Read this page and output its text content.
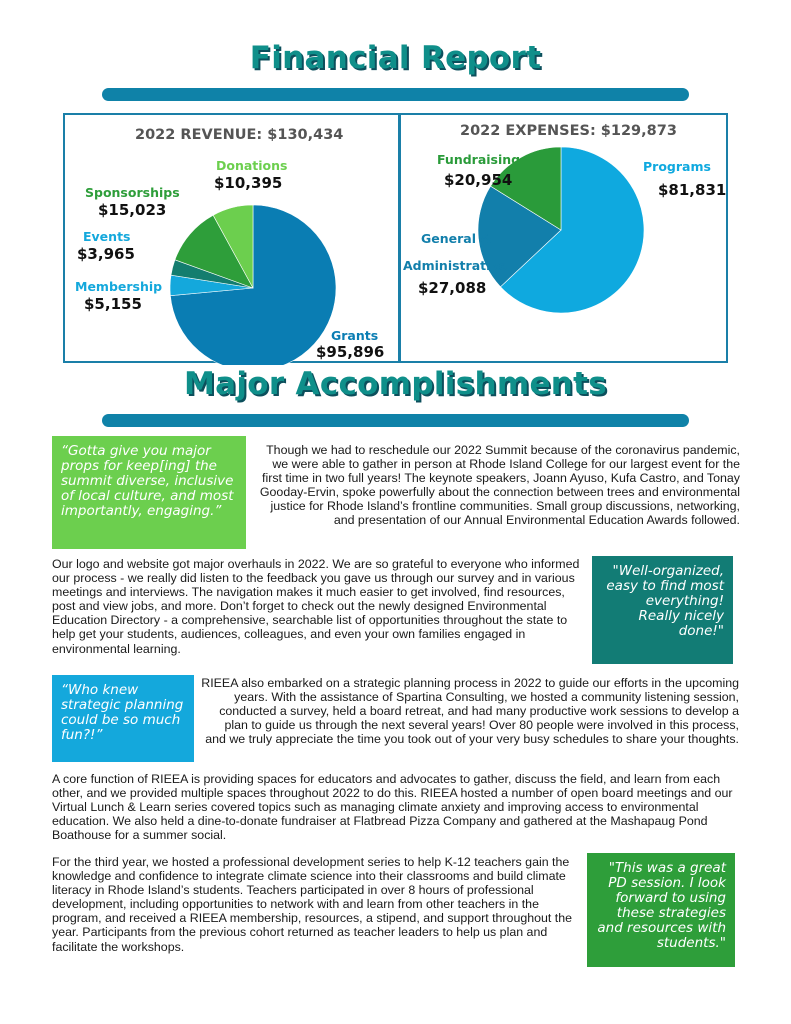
Financial Report
2022 REVENUE: $130,434
Donations
$10,395
Sponsorships
$15,023
Events
$3,965
Membership
$5,155
Grants
$95,896
2022 EXPENSES: $129,873
Fundraising
$20,954
Programs
$81,831
General &
Administrative
$27,088
Major Accomplishments
“Gotta give you major props for keep[ing] the summit diverse, inclusive of local culture, and most importantly, engaging.”
"Well-organized, easy to find most everything! Really nicely done!"
“Who knew strategic planning could be so much fun?!”
"This was a great PD session. I look forward to using these strategies and resources with students."

Though we had to reschedule our 2022 Summit because of the coronavirus pandemic, we were able to gather in person at Rhode Island College for our largest event for the first time in two full years! The keynote speakers, Joann Ayuso, Kufa Castro, and Tonay Gooday-Ervin, spoke powerfully about the connection between trees and environmental justice for Rhode Island’s frontline communities. Small group discussions, networking, and presentation of our Annual Environmental Education Awards followed.

Our logo and website got major overhauls in 2022. We are so grateful to everyone who informed our process - we really did listen to the feedback you gave us through our survey and in various meetings and interviews. The navigation makes it much easier to get involved, find resources, post and view jobs, and more. Don’t forget to check out the newly designed Environmental Education Directory - a comprehensive, searchable list of opportunities throughout the state to help get your students, audiences, colleagues, and even your own families engaged in environmental learning.

RIEEA also embarked on a strategic planning process in 2022 to guide our efforts in the upcoming years. With the assistance of Spartina Consulting, we hosted a community listening session, conducted a survey, held a board retreat, and had many productive work sessions to develop a plan to guide us through the next several years! Over 80 people were involved in this process, and we truly appreciate the time you took out of your very busy schedules to share your thoughts.

A core function of RIEEA is providing spaces for educators and advocates to gather, discuss the field, and learn from each other, and we provided multiple spaces throughout 2022 to do this. RIEEA hosted a number of open board meetings and our Virtual Lunch & Learn series covered topics such as managing climate anxiety and improving access to environmental education. We also held a dine-to-donate fundraiser at Flatbread Pizza Company and gathered at the Mashapaug Pond Boathouse for a summer social.

For the third year, we hosted a professional development series to help K-12 teachers gain the knowledge and confidence to integrate climate science into their classrooms and build climate literacy in Rhode Island’s students. Teachers participated in over 8 hours of professional development, including opportunities to network with and learn from other teachers in the program, and received a RIEEA membership, resources, a stipend, and support throughout the year. Participants from the previous cohort returned as teacher leaders to help us plan and facilitate the workshops.
